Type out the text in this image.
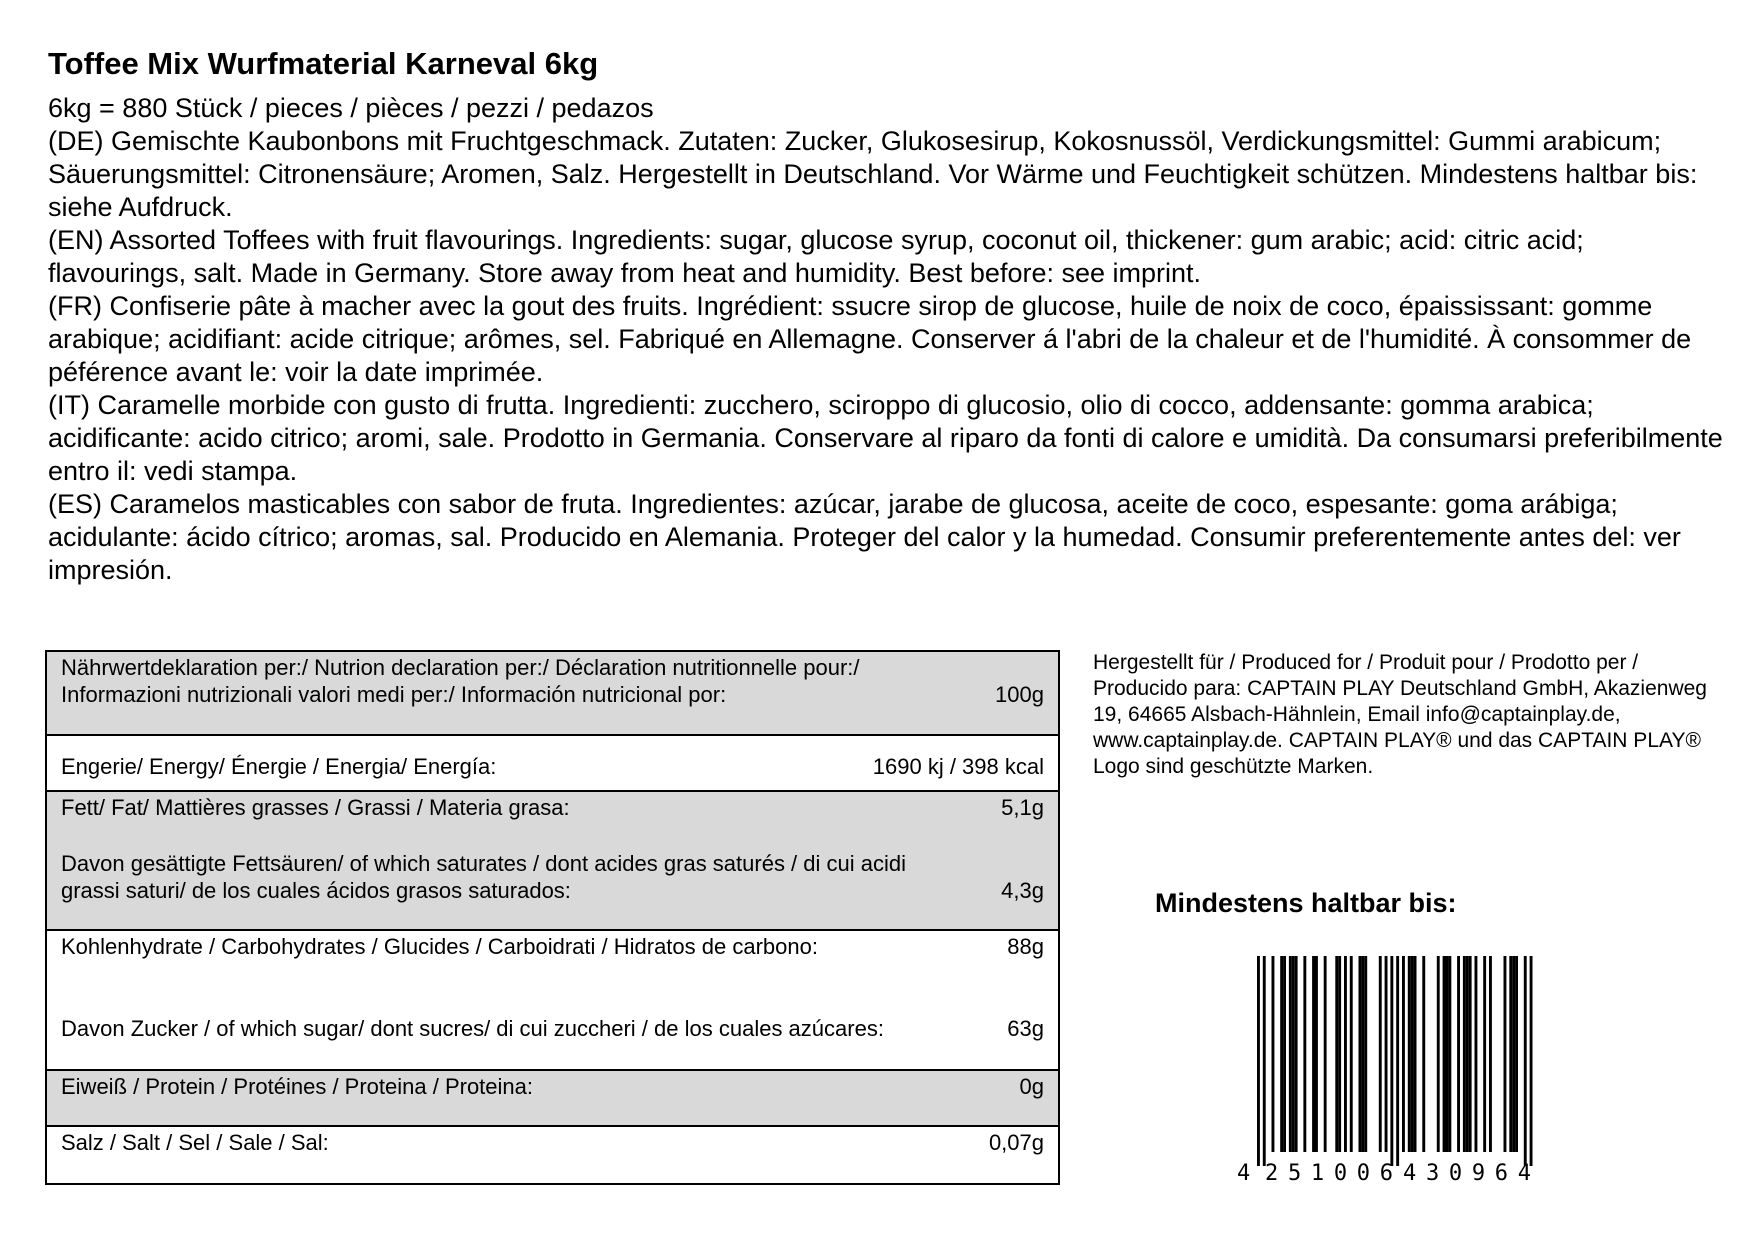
Toffee Mix Wurfmaterial Karneval 6kg

6kg = 880 Stück / pieces / pièces / pezzi / pedazos

(DE) Gemischte Kaubonbons mit Fruchtgeschmack. Zutaten: Zucker, Glukosesirup, Kokosnussöl, Verdickungsmittel: Gummi arabicum; Säuerungsmittel: Citronensäure; Aromen, Salz. Hergestellt in Deutschland. Vor Wärme und Feuchtigkeit schützen. Mindestens haltbar bis: siehe Aufdruck.

(EN) Assorted Toffees with fruit flavourings. Ingredients: sugar, glucose syrup, coconut oil, thickener: gum arabic; acid: citric acid; flavourings, salt. Made in Germany. Store away from heat and humidity. Best before: see imprint.

(FR) Confiserie pâte à macher avec la gout des fruits. Ingrédient: ssucre sirop de glucose, huile de noix de coco, épaississant: gomme arabique; acidifiant: acide citrique; arômes, sel. Fabriqué en Allemagne. Conserver á l'abri de la chaleur et de l'humidité. À consommer de péférence avant le: voir la date imprimée.

(IT) Caramelle morbide con gusto di frutta. Ingredienti: zucchero, sciroppo di glucosio, olio di cocco, addensante: gomma arabica; acidificante: acido citrico; aromi, sale. Prodotto in Germania. Conservare al riparo da fonti di calore e umidità. Da consumarsi preferibilmente entro il: vedi stampa.

(ES) Caramelos masticables con sabor de fruta. Ingredientes: azúcar, jarabe de glucosa, aceite de coco, espesante: goma arábiga; acidulante: ácido cítrico; aromas, sal. Producido en Alemania. Proteger del calor y la humedad. Consumir preferentemente antes del: ver impresión.

Nährwertdeklaration per:/ Nutrion declaration per:/ Déclaration nutritionnelle pour:/
Informazioni nutrizionali valori medi per:/ Información nutricional por:	100g
Engerie/ Energy/ Énergie / Energia/ Energía:	1690 kj / 398 kcal
Fett/ Fat/ Mattières grasses / Grassi / Materia grasa:	5,1g
Davon gesättigte Fettsäuren/ of which saturates / dont acides gras saturés / di cui acidi grassi saturi/ de los cuales ácidos grasos saturados:	4,3g
Kohlenhydrate / Carbohydrates / Glucides / Carboidrati / Hidratos de carbono:	88g
Davon Zucker / of which sugar/ dont sucres/ di cui zuccheri / de los cuales azúcares:	63g
Eiweiß / Protein / Protéines / Proteina / Proteina:	0g
Salz / Salt / Sel / Sale / Sal:	0,07g
Hergestellt für / Produced for / Produit pour / Prodotto per / Producido para: CAPTAIN PLAY Deutschland GmbH, Akazienweg 19, 64665 Alsbach-Hähnlein, Email info@captainplay.de, www.captainplay.de. CAPTAIN PLAY® und das CAPTAIN PLAY® Logo sind geschützte Marken.
Mindestens haltbar bis:
4 251006 430964
